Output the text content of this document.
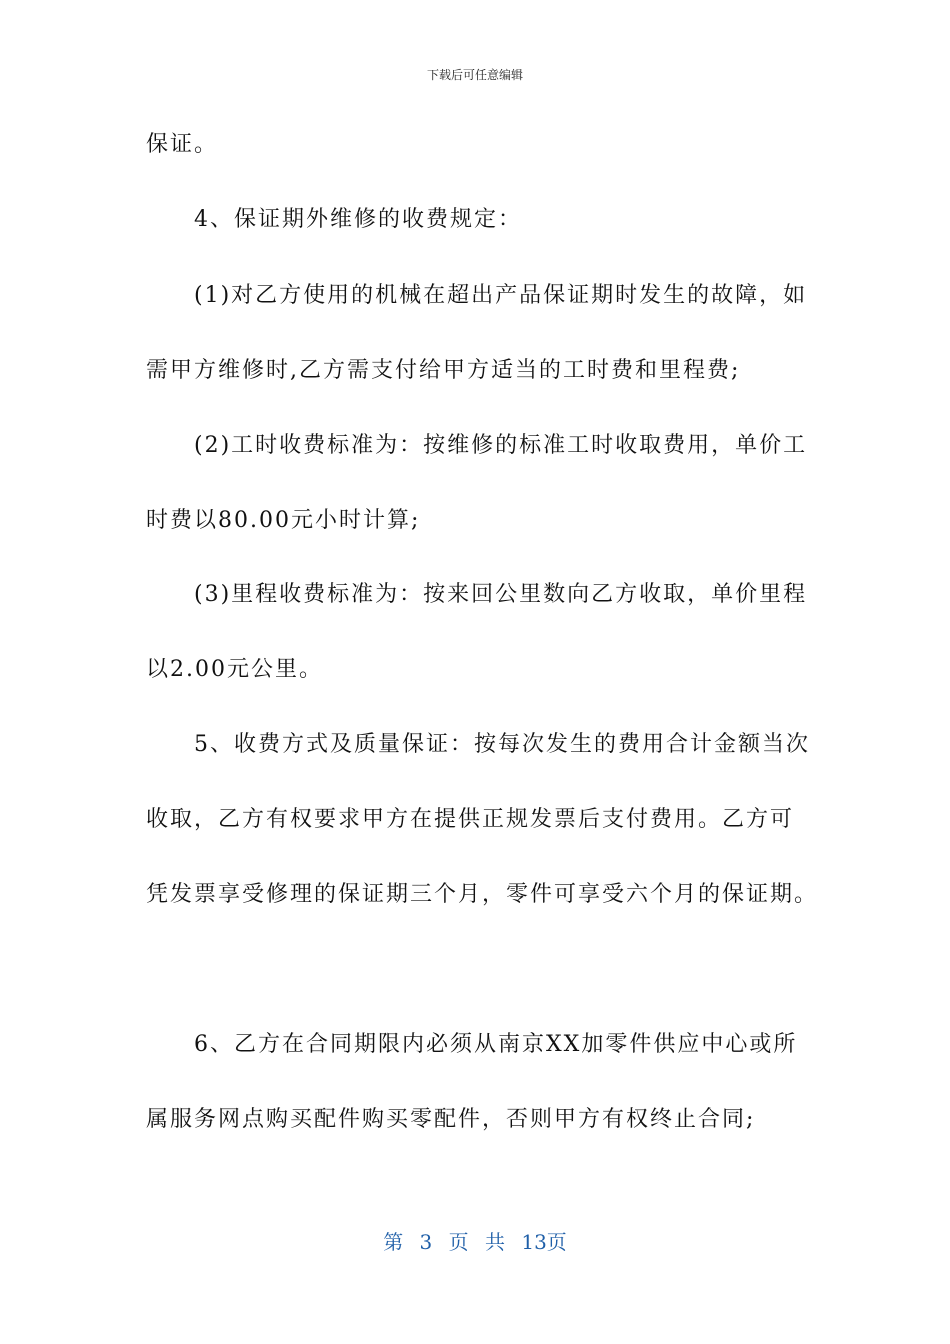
下载后可任意编辑
保证。
4、保证期外维修的收费规定：
(1)对乙方使用的机械在超出产品保证期时发生的故障，如
需甲方维修时,乙方需支付给甲方适当的工时费和里程费;
(2)工时收费标准为：按维修的标准工时收取费用，单价工
时费以80.00元小时计算;
(3)里程收费标准为：按来回公里数向乙方收取，单价里程
以2.00元公里。
5、收费方式及质量保证：按每次发生的费用合计金额当次
收取，乙方有权要求甲方在提供正规发票后支付费用。乙方可
凭发票享受修理的保证期三个月，零件可享受六个月的保证期。
6、乙方在合同期限内必须从南京XX加零件供应中心或所
属服务网点购买配件购买零配件，否则甲方有权终止合同;
第 3 页 共 13页
